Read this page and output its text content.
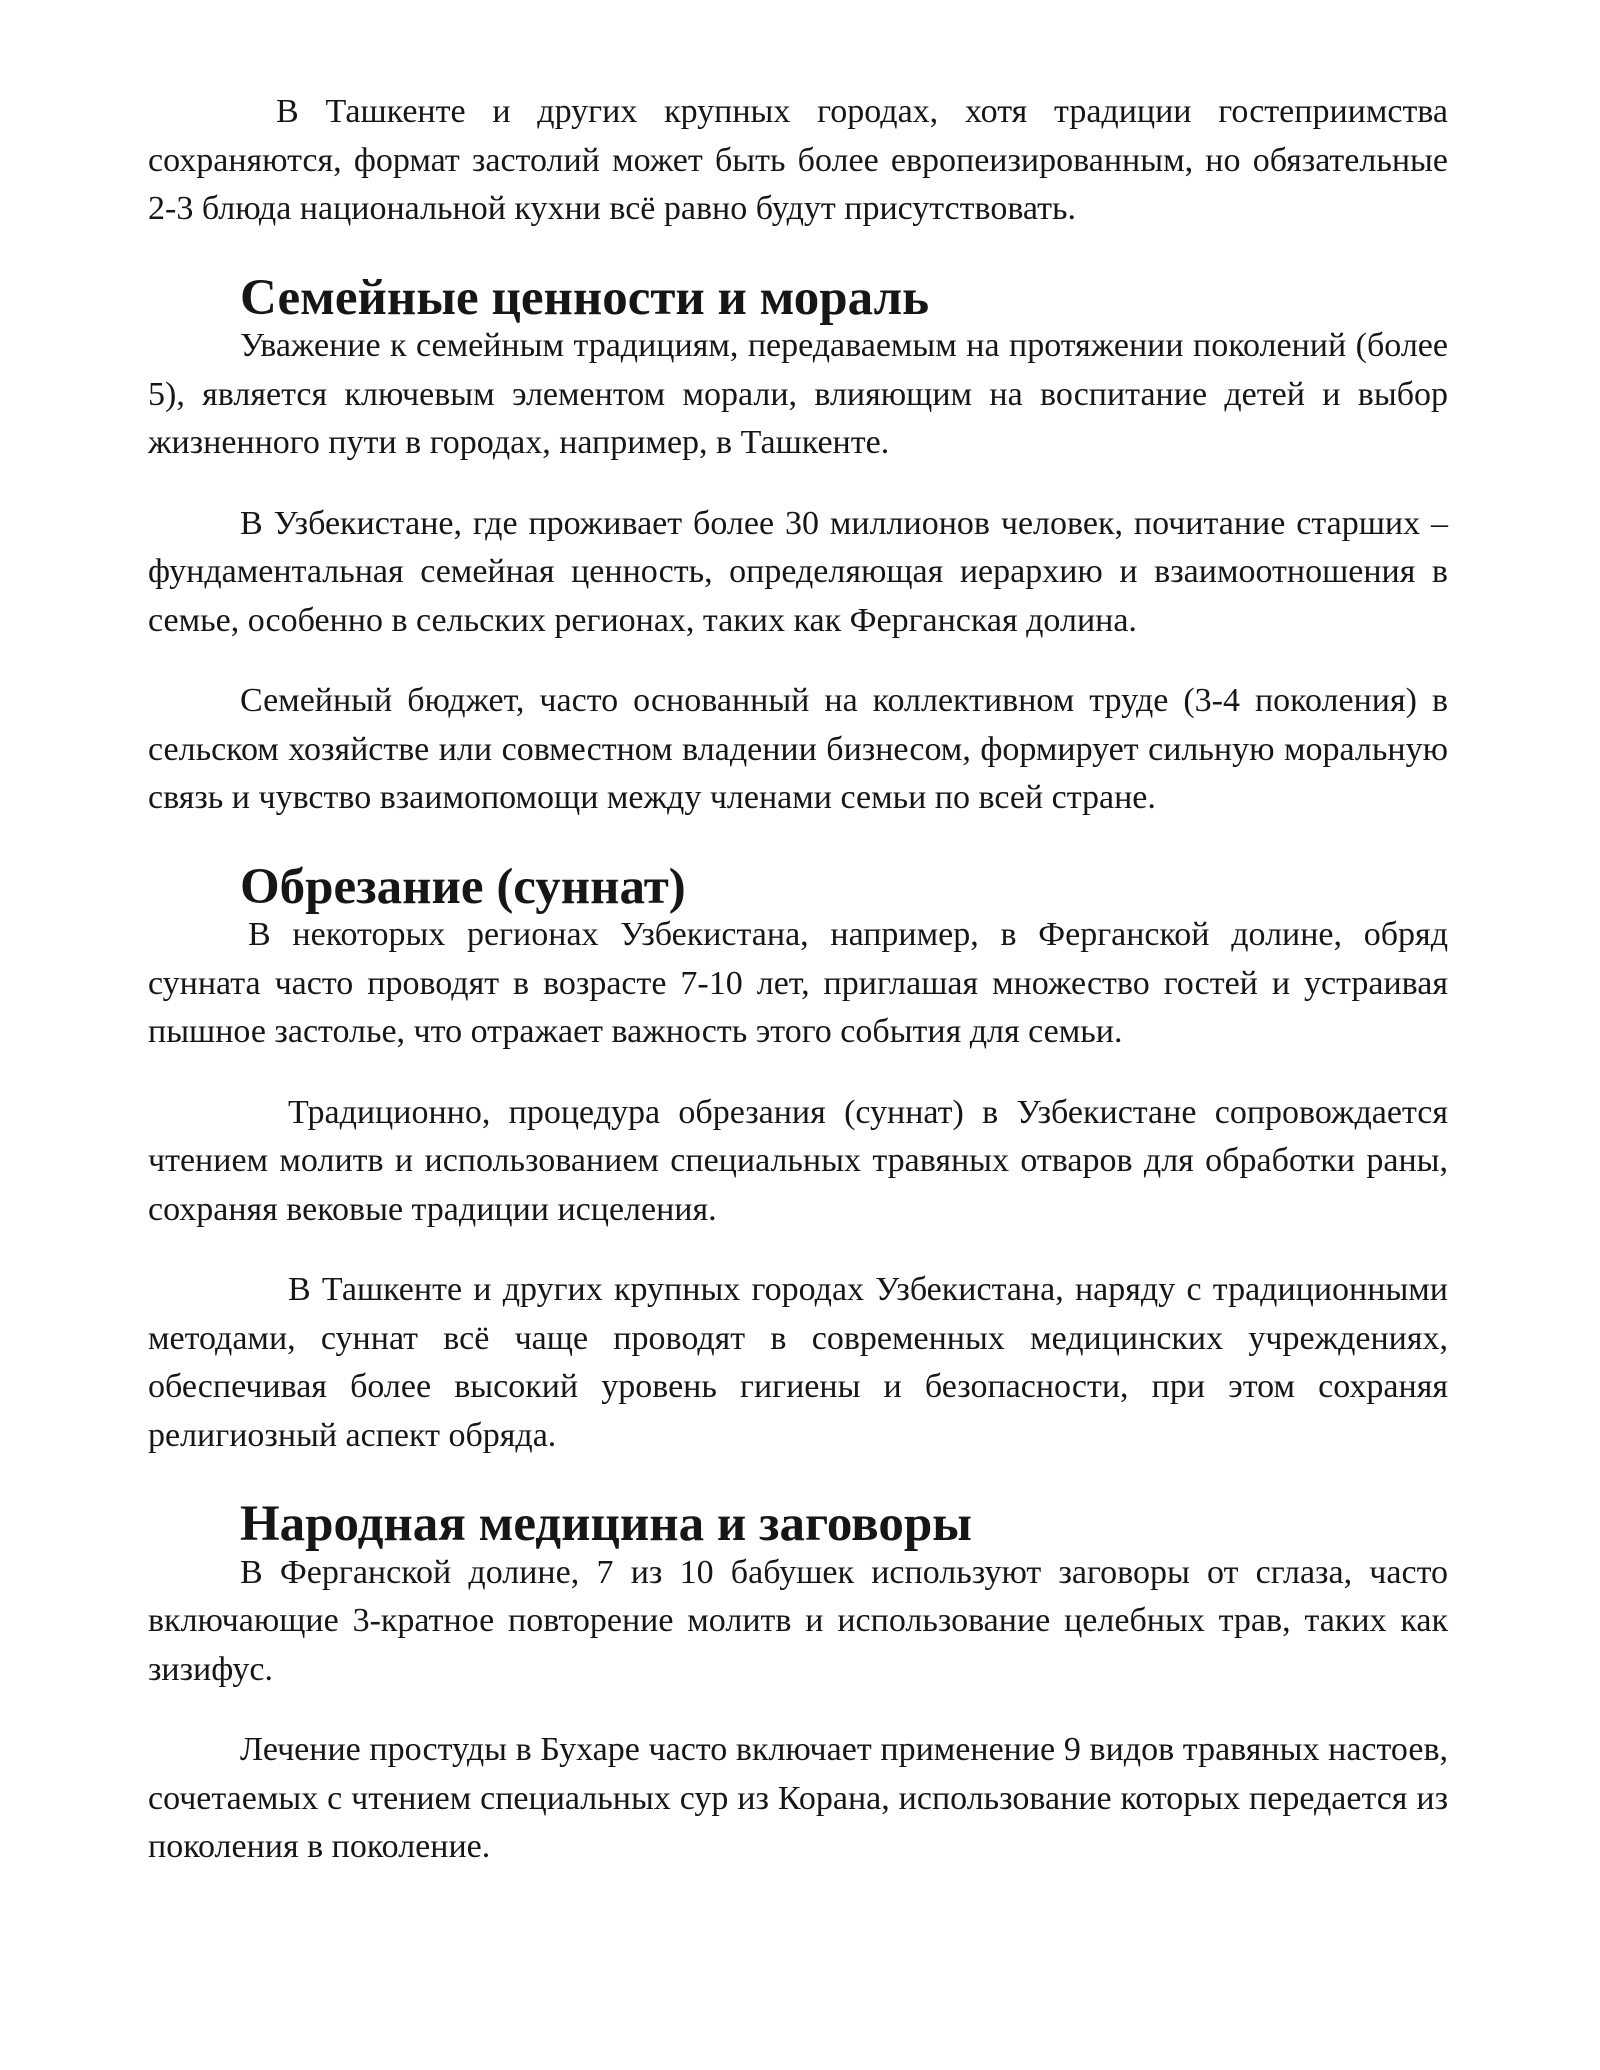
В Ташкенте и других крупных городах, хотя традиции гостеприимства сохраняются, формат застолий может быть более европеизированным, но обязательные 2-3 блюда национальной кухни всё равно будут присутствовать.

Семейные ценности и мораль

Уважение к семейным традициям, передаваемым на протяжении поколений (более 5), является ключевым элементом морали, влияющим на воспитание детей и выбор жизненного пути в городах, например, в Ташкенте.

В Узбекистане, где проживает более 30 миллионов человек, почитание старших – фундаментальная семейная ценность, определяющая иерархию и взаимоотношения в семье, особенно в сельских регионах, таких как Ферганская долина.

Семейный бюджет, часто основанный на коллективном труде (3-4 поколения) в сельском хозяйстве или совместном владении бизнесом, формирует сильную моральную связь и чувство взаимопомощи между членами семьи по всей стране.

Обрезание (суннат)

В некоторых регионах Узбекистана, например, в Ферганской долине, обряд сунната часто проводят в возрасте 7-10 лет, приглашая множество гостей и устраивая пышное застолье, что отражает важность этого события для семьи.

Традиционно, процедура обрезания (суннат) в Узбекистане сопровождается чтением молитв и использованием специальных травяных отваров для обработки раны, сохраняя вековые традиции исцеления.

В Ташкенте и других крупных городах Узбекистана, наряду с традиционными методами, суннат всё чаще проводят в современных медицинских учреждениях, обеспечивая более высокий уровень гигиены и безопасности, при этом сохраняя религиозный аспект обряда.

Народная медицина и заговоры

В Ферганской долине, 7 из 10 бабушек используют заговоры от сглаза, часто включающие 3-кратное повторение молитв и использование целебных трав, таких как зизифус.

Лечение простуды в Бухаре часто включает применение 9 видов травяных настоев, сочетаемых с чтением специальных сур из Корана, использование которых передается из поколения в поколение.
